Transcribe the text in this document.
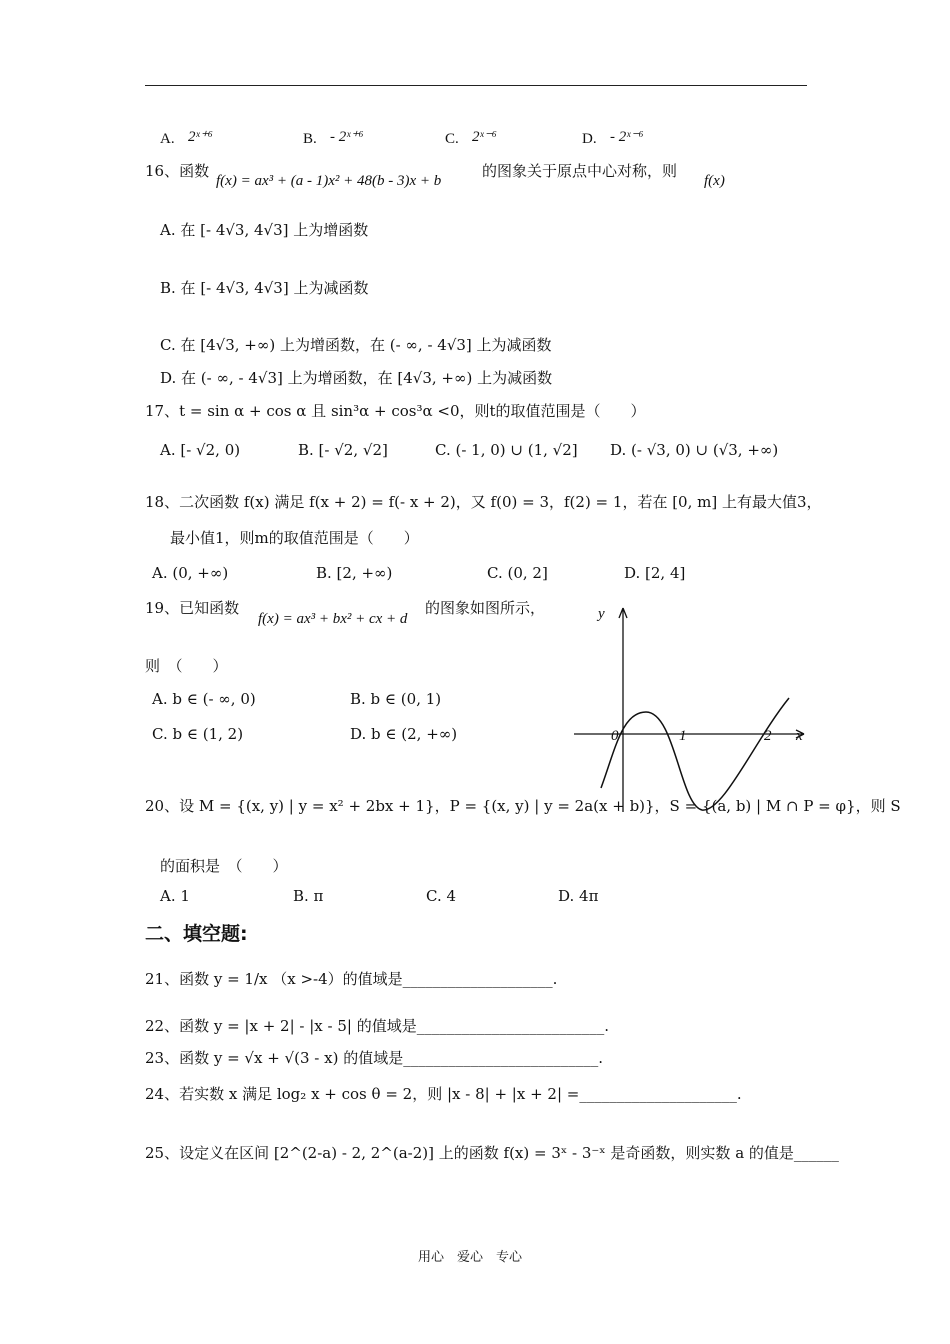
A. 2ˣ⁺⁶	B. - 2ˣ⁺⁶	C. 2ˣ⁻⁶	D. - 2ˣ⁻⁶
16、函数
f(x) = ax³ + (a - 1)x² + 48(b - 3)x + b
的图象关于原点中心对称，则
f(x)
A. 在 [- 4√3, 4√3] 上为增函数
B. 在 [- 4√3, 4√3] 上为减函数
C. 在 [4√3, +∞) 上为增函数，在 (- ∞, - 4√3] 上为减函数
D. 在 (- ∞, - 4√3] 上为增函数，在 [4√3, +∞) 上为减函数
17、t = sin α + cos α 且 sin³α + cos³α <0，则t的取值范围是（　　）
A. [- √2, 0)	B. [- √2, √2]	C. (- 1, 0) ∪ (1, √2] D. (- √3, 0) ∪ (√3, +∞)
18、二次函数 f(x) 满足 f(x + 2) = f(- x + 2)，又 f(0) = 3，f(2) = 1，若在 [0, m] 上有最大值3，
最小值1，则m的取值范围是（　　）
A. (0, +∞)	B. [2, +∞)	C. (0, 2]	D. [2, 4]
19、已知函数
f(x) = ax³ + bx² + cx + d
的图象如图所示，
则　（　　）
A. b ∈ (- ∞, 0)	B. b ∈ (0, 1)
C. b ∈ (1, 2)	D. b ∈ (2, +∞)
y
x
0	1	2
20、设 M = {(x, y) | y = x² + 2bx + 1}，P = {(x, y) | y = 2a(x + b)}，S = {(a, b) | M ∩ P = φ}，则 S
的面积是　（　　）
A. 1	B. π	C. 4	D. 4π
二、填空题:
21、函数 y = 1/x （x >-4）的值域是____________________.
22、函数 y = |x + 2| - |x - 5| 的值域是_________________________.
23、函数 y = √x + √(3 - x) 的值域是__________________________.
24、若实数 x 满足 log₂ x + cos θ = 2，则 |x - 8| + |x + 2| =_____________________.
25、设定义在区间 [2^(2-a) - 2, 2^(a-2)] 上的函数 f(x) = 3ˣ - 3⁻ˣ 是奇函数，则实数 a 的值是______
用心　爱心　专心
